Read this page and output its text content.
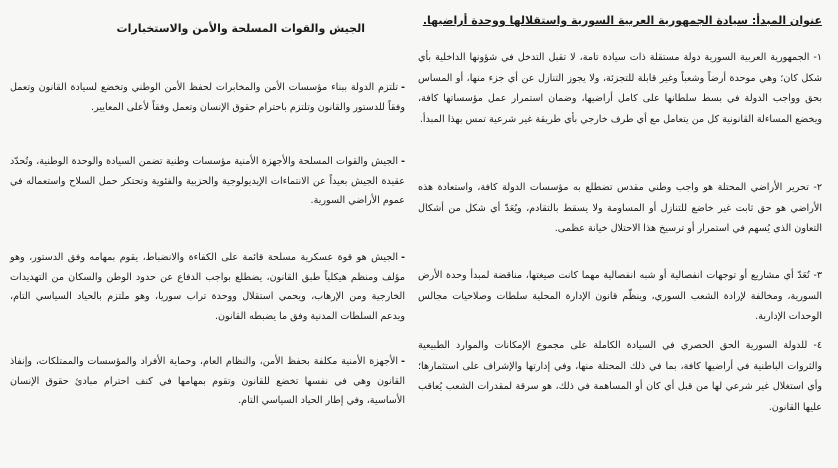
عنوان المبدأ: سيادة الجمهورية العربية السورية واستقلالها ووحدة أراضيها.
١- الجمهورية العربية السورية دولة مستقلة ذات سيادة تامة، لا تقبل التدخل في شؤونها الداخلية بأي شكل كان؛ وهي موحدة أرضاً وشعباً وغير قابلة للتجزئة، ولا يجوز التنازل عن أي جزء منها، أو المساس بحق وواجب الدولة في بسط سلطانها على كامل أراضيها، وضمان استمرار عمل مؤسساتها كافة، ويخضع المساءلة القانونية كل من يتعامل مع أي طرف خارجي بأي طريقة غير شرعية تمس بهذا المبدأ.
٢- تحرير الأراضي المحتلة هو واجب وطني مقدس تضطلع به مؤسسات الدولة كافة، واستعادة هذه الأراضي هو حق ثابت غير خاضع للتنازل أو المساومة ولا يسقط بالتقادم، ويُعَدّ أي شكل من أشكال التعاون الذي يُسهم في استمرار أو ترسيخ هذا الاحتلال خيانة عظمى.
٣- تُعَدّ أي مشاريع أو توجهات انفصالية أو شبه انفصالية مهما كانت صيغتها، مناقضة لمبدأ وحدة الأرض السورية، ومخالفة لإرادة الشعب السوري، وينظّم قانون الإدارة المحلية سلطات وصلاحيات مجالس الوحدات الإدارية.
٤- للدولة السورية الحق الحصري في السيادة الكاملة على مجموع الإمكانات والموارد الطبيعية والثروات الباطنية في أراضيها كافة، بما في ذلك المحتلة منها، وفي إدارتها والإشراف على استثمارها؛ وأي استغلال غير شرعي لها من قبل أي كان أو المساهمة في ذلك، هو سرقة لمقدرات الشعب يُعاقب عليها القانون.
الجيش والقوات المسلحة والأمن والاستخبارات
-تلتزم الدولة ببناء مؤسسات الأمن والمخابرات لحفظ الأمن الوطني وتخضع لسيادة القانون وتعمل وفقاً للدستور والقانون وتلتزم باحترام حقوق الإنسان وتعمل وفقاً لأعلى المعايير.
-الجيش والقوات المسلحة والأجهزة الأمنية مؤسسات وطنية تضمن السيادة والوحدة الوطنية، وتُحدّد عقيدة الجيش بعيداً عن الانتماءات الإيديولوجية والحزبية والفئوية وتحتكر حمل السلاح واستعماله في عموم الأراضي السورية.
-الجيش هو قوة عسكرية مسلحة قائمة على الكفاءة والانضباط، يقوم بمهامه وفق الدستور، وهو مؤلف ومنظم هيكلياً طبق القانون، يضطلع بواجب الدفاع عن حدود الوطن والسكان من التهديدات الخارجية ومن الإرهاب، ويحمي استقلال ووحدة تراب سوريا، وهو ملتزم بالحياد السياسي التام، ويدعم السلطات المدنية وفق ما يضبطه القانون.
-الأجهزة الأمنية مكلفة بحفظ الأمن، والنظام العام، وحماية الأفراد والمؤسسات والممتلكات، وإنفاذ القانون وهي في نفسها تخضع للقانون وتقوم بمهامها في كنف احترام مبادئ حقوق الإنسان الأساسية، وفي إطار الحياد السياسي التام.
